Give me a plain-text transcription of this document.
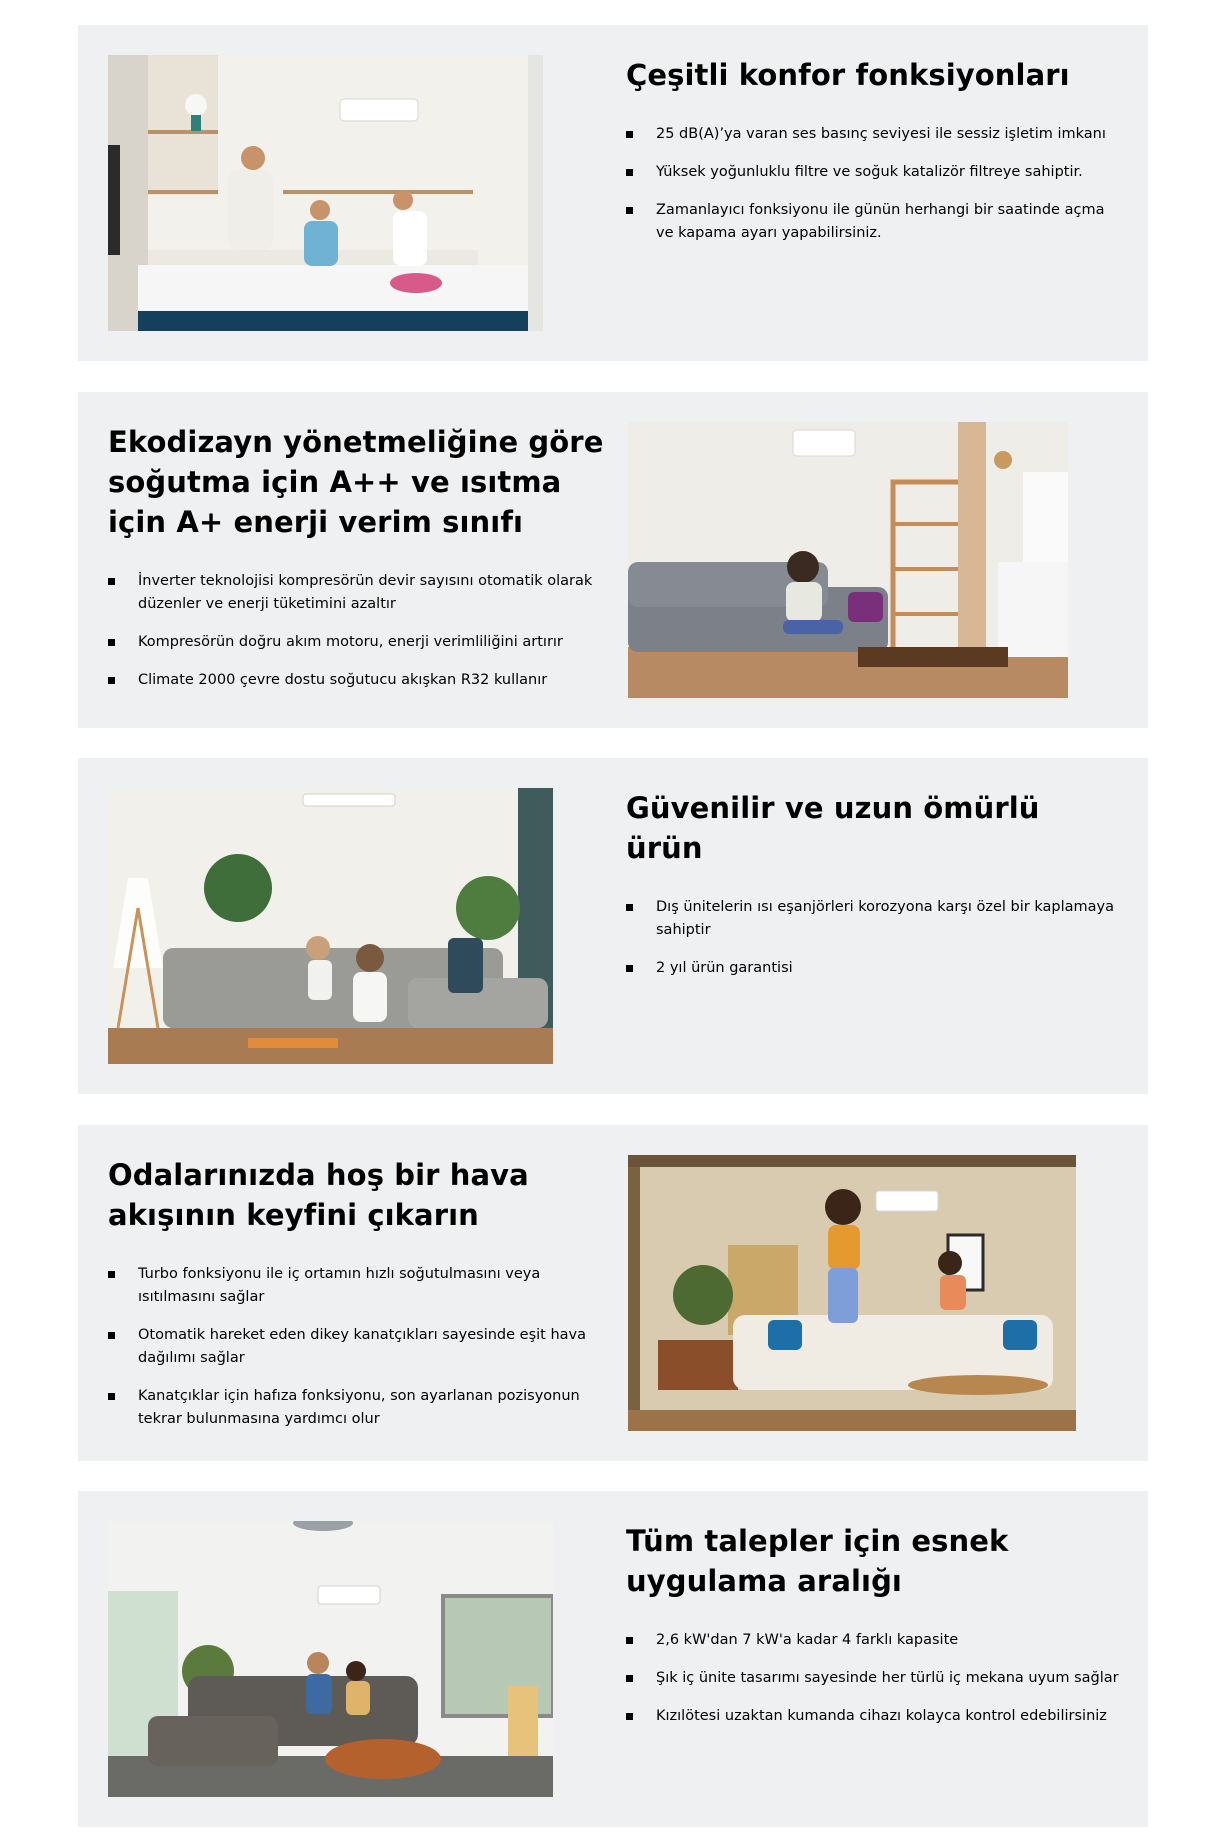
Çeşitli konfor fonksiyonları
25 dB(A)’ya varan ses basınç seviyesi ile sessiz işletim imkanı
Yüksek yoğunluklu filtre ve soğuk katalizör filtreye sahiptir.
Zamanlayıcı fonksiyonu ile günün herhangi bir saatinde açma ve kapama ayarı yapabilirsiniz.
Ekodizayn yönetmeliğine göre soğutma için A++ ve ısıtma için A+ enerji verim sınıfı
İnverter teknolojisi kompresörün devir sayısını otomatik olarak düzenler ve enerji tüketimini azaltır
Kompresörün doğru akım motoru, enerji verimliliğini artırır
Climate 2000 çevre dostu soğutucu akışkan R32 kullanır
Güvenilir ve uzun ömürlü ürün
Dış ünitelerin ısı eşanjörleri korozyona karşı özel bir kaplamaya sahiptir
2 yıl ürün garantisi
Odalarınızda hoş bir hava akışının keyfini çıkarın
Turbo fonksiyonu ile iç ortamın hızlı soğutulmasını veya ısıtılmasını sağlar
Otomatik hareket eden dikey kanatçıkları sayesinde eşit hava dağılımı sağlar
Kanatçıklar için hafıza fonksiyonu, son ayarlanan pozisyonun tekrar bulunmasına yardımcı olur
Tüm talepler için esnek uygulama aralığı
2,6 kW'dan 7 kW'a kadar 4 farklı kapasite
Şık iç ünite tasarımı sayesinde her türlü iç mekana uyum sağlar
Kızılötesi uzaktan kumanda cihazı kolayca kontrol edebilirsiniz
